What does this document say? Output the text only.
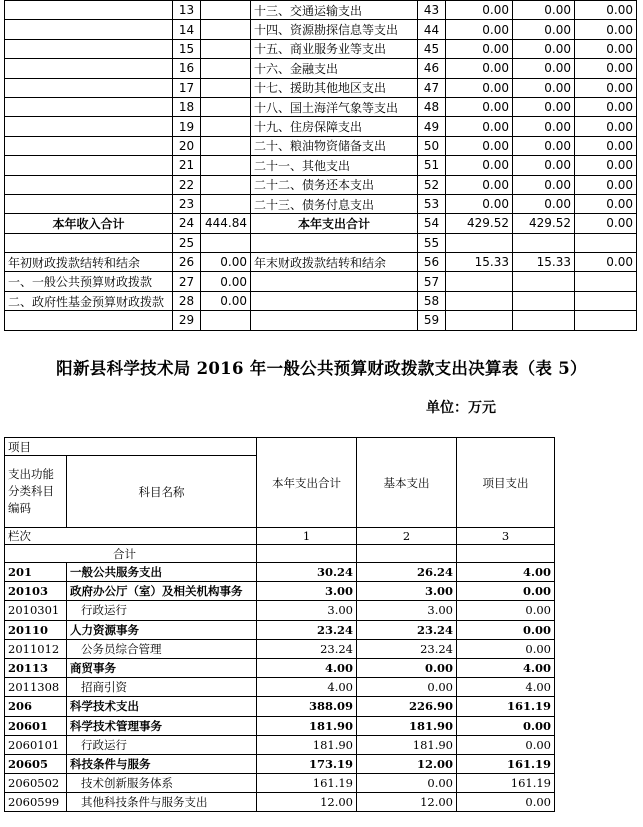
	13		十三、交通运输支出	43	0.00	0.00	0.00
	14		十四、资源勘探信息等支出	44	0.00	0.00	0.00
	15		十五、商业服务业等支出	45	0.00	0.00	0.00
	16		十六、金融支出	46	0.00	0.00	0.00
	17		十七、援助其他地区支出	47	0.00	0.00	0.00
	18		十八、国土海洋气象等支出	48	0.00	0.00	0.00
	19		十九、住房保障支出	49	0.00	0.00	0.00
	20		二十、粮油物资储备支出	50	0.00	0.00	0.00
	21		二十一、其他支出	51	0.00	0.00	0.00
	22		二十二、债务还本支出	52	0.00	0.00	0.00
	23		二十三、债务付息支出	53	0.00	0.00	0.00
本年收入合计	24	444.84	本年支出合计	54	429.52	429.52	0.00
	25			55			
年初财政拨款结转和结余	26	0.00	年末财政拨款结转和结余	56	15.33	15.33	0.00
一、一般公共预算财政拨款	27	0.00		57			
二、政府性基金预算财政拨款	28	0.00		58			
	29			59			
阳新县科学技术局 2016 年一般公共预算财政拨款支出决算表（表 5）
单位：万元
项目		本年支出合计	基本支出	项目支出
支出功能分类科目编码	科目名称			

栏次		1	2	3
合计				
201	一般公共服务支出	30.24	26.24	4.00
20103	政府办公厅（室）及相关机构事务	3.00	3.00	0.00
2010301	行政运行	3.00	3.00	0.00
20110	人力资源事务	23.24	23.24	0.00
2011012	公务员综合管理	23.24	23.24	0.00
20113	商贸事务	4.00	0.00	4.00
2011308	招商引资	4.00	0.00	4.00
206	科学技术支出	388.09	226.90	161.19
20601	科学技术管理事务	181.90	181.90	0.00
2060101	行政运行	181.90	181.90	0.00
20605	科技条件与服务	173.19	12.00	161.19
2060502	技术创新服务体系	161.19	0.00	161.19
2060599	其他科技条件与服务支出	12.00	12.00	0.00
